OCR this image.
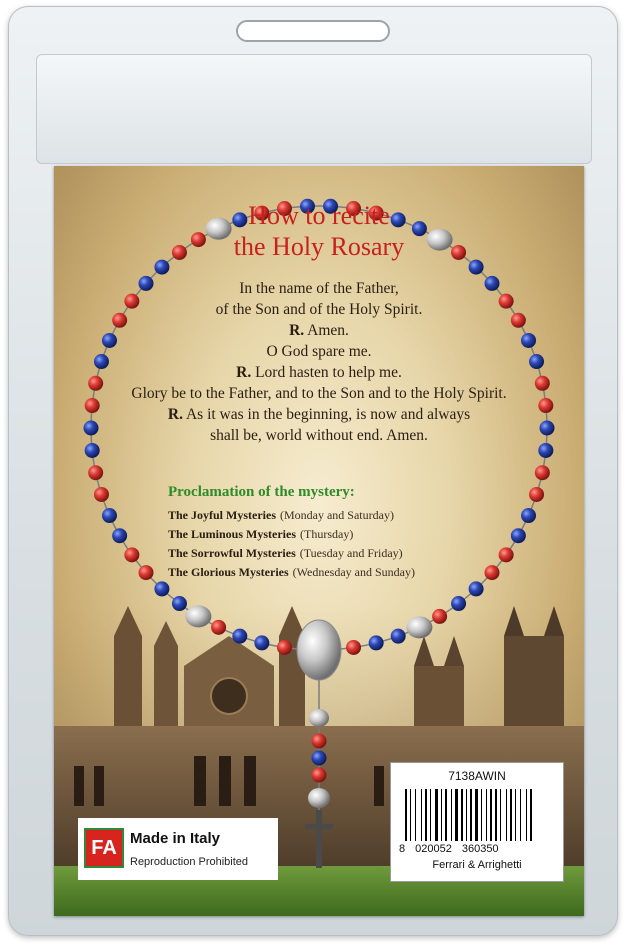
How to recite
the Holy Rosary
In the name of the Father,
of the Son and of the Holy Spirit.
R. Amen.
O God spare me.
R. Lord hasten to help me.
Glory be to the Father, and to the Son and to the Holy Spirit.
R. As it was in the beginning, is now and always
shall be, world without end. Amen.
Proclamation of the mystery:
The Joyful Mysteries (Monday and Saturday)
The Luminous Mysteries (Thursday)
The Sorrowful Mysteries (Tuesday and Friday)
The Glorious Mysteries (Wednesday and Sunday)
FA Made in Italy
Reproduction Prohibited
7138AWIN
8 020052 360350
Ferrari & Arrighetti
